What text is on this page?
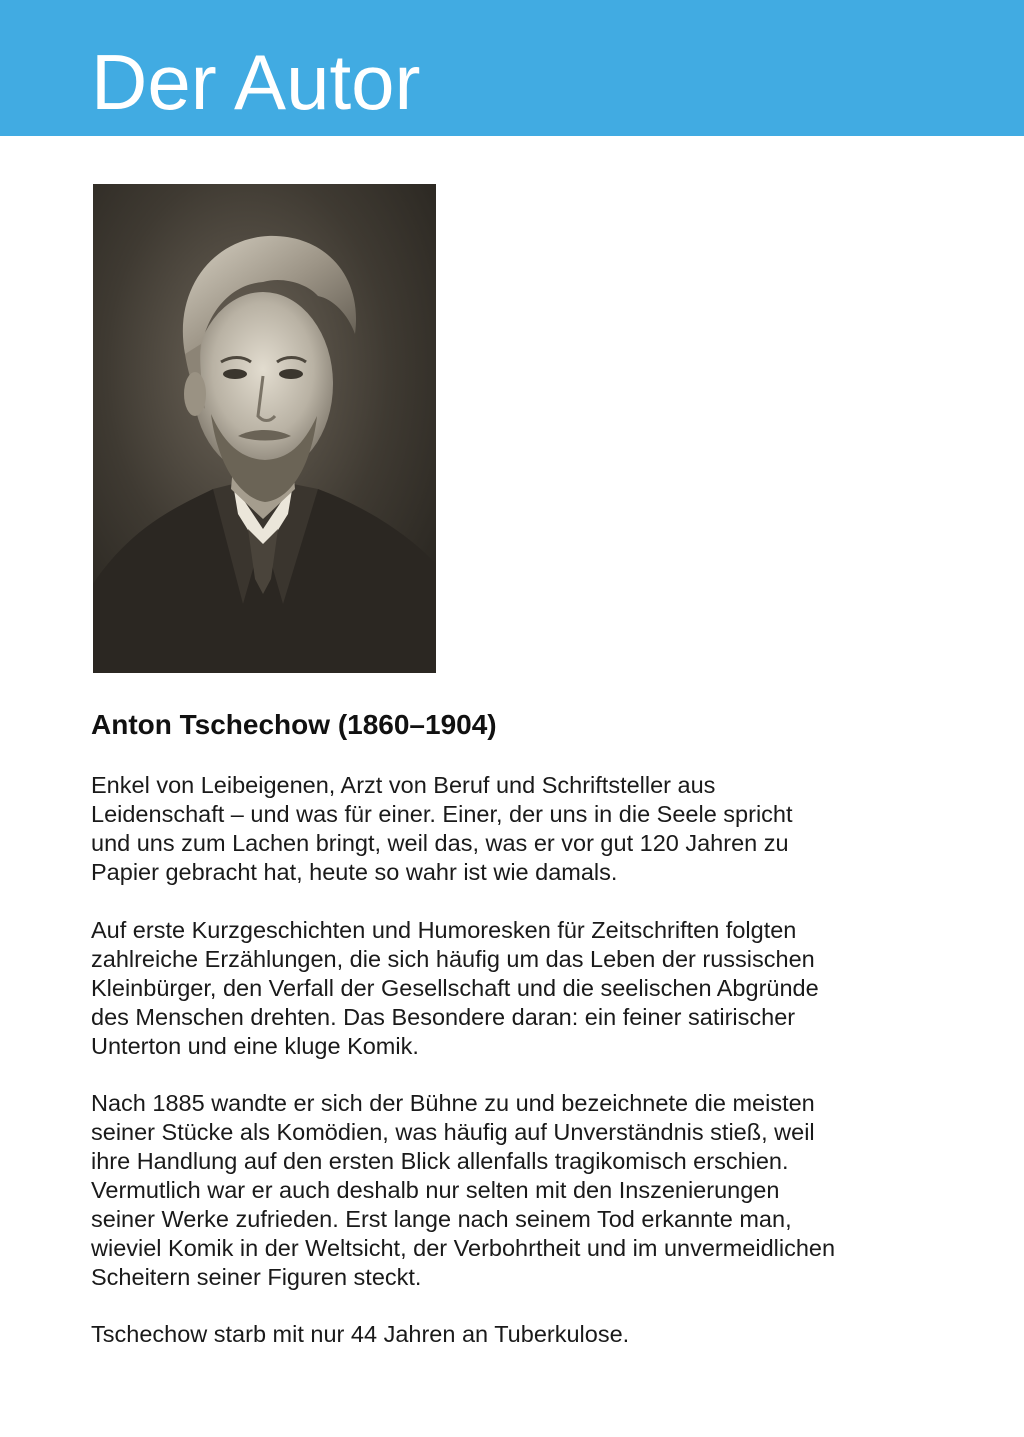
Der Autor
Anton Tschechow (1860–1904)

Enkel von Leibeigenen, Arzt von Beruf und Schriftsteller aus
Leidenschaft – und was für einer. Einer, der uns in die Seele spricht
und uns zum Lachen bringt, weil das, was er vor gut 120 Jahren zu
Papier gebracht hat, heute so wahr ist wie damals.

Auf erste Kurzgeschichten und Humoresken für Zeitschriften folgten
zahlreiche Erzählungen, die sich häufig um das Leben der russischen
Kleinbürger, den Verfall der Gesellschaft und die seelischen Abgründe
des Menschen drehten. Das Besondere daran: ein feiner satirischer
Unterton und eine kluge Komik.

Nach 1885 wandte er sich der Bühne zu und bezeichnete die meisten
seiner Stücke als Komödien, was häufig auf Unverständnis stieß, weil
ihre Handlung auf den ersten Blick allenfalls tragikomisch erschien.
Vermutlich war er auch deshalb nur selten mit den Inszenierungen
seiner Werke zufrieden. Erst lange nach seinem Tod erkannte man,
wieviel Komik in der Weltsicht, der Verbohrtheit und im unvermeidlichen
Scheitern seiner Figuren steckt.

Tschechow starb mit nur 44 Jahren an Tuberkulose.
